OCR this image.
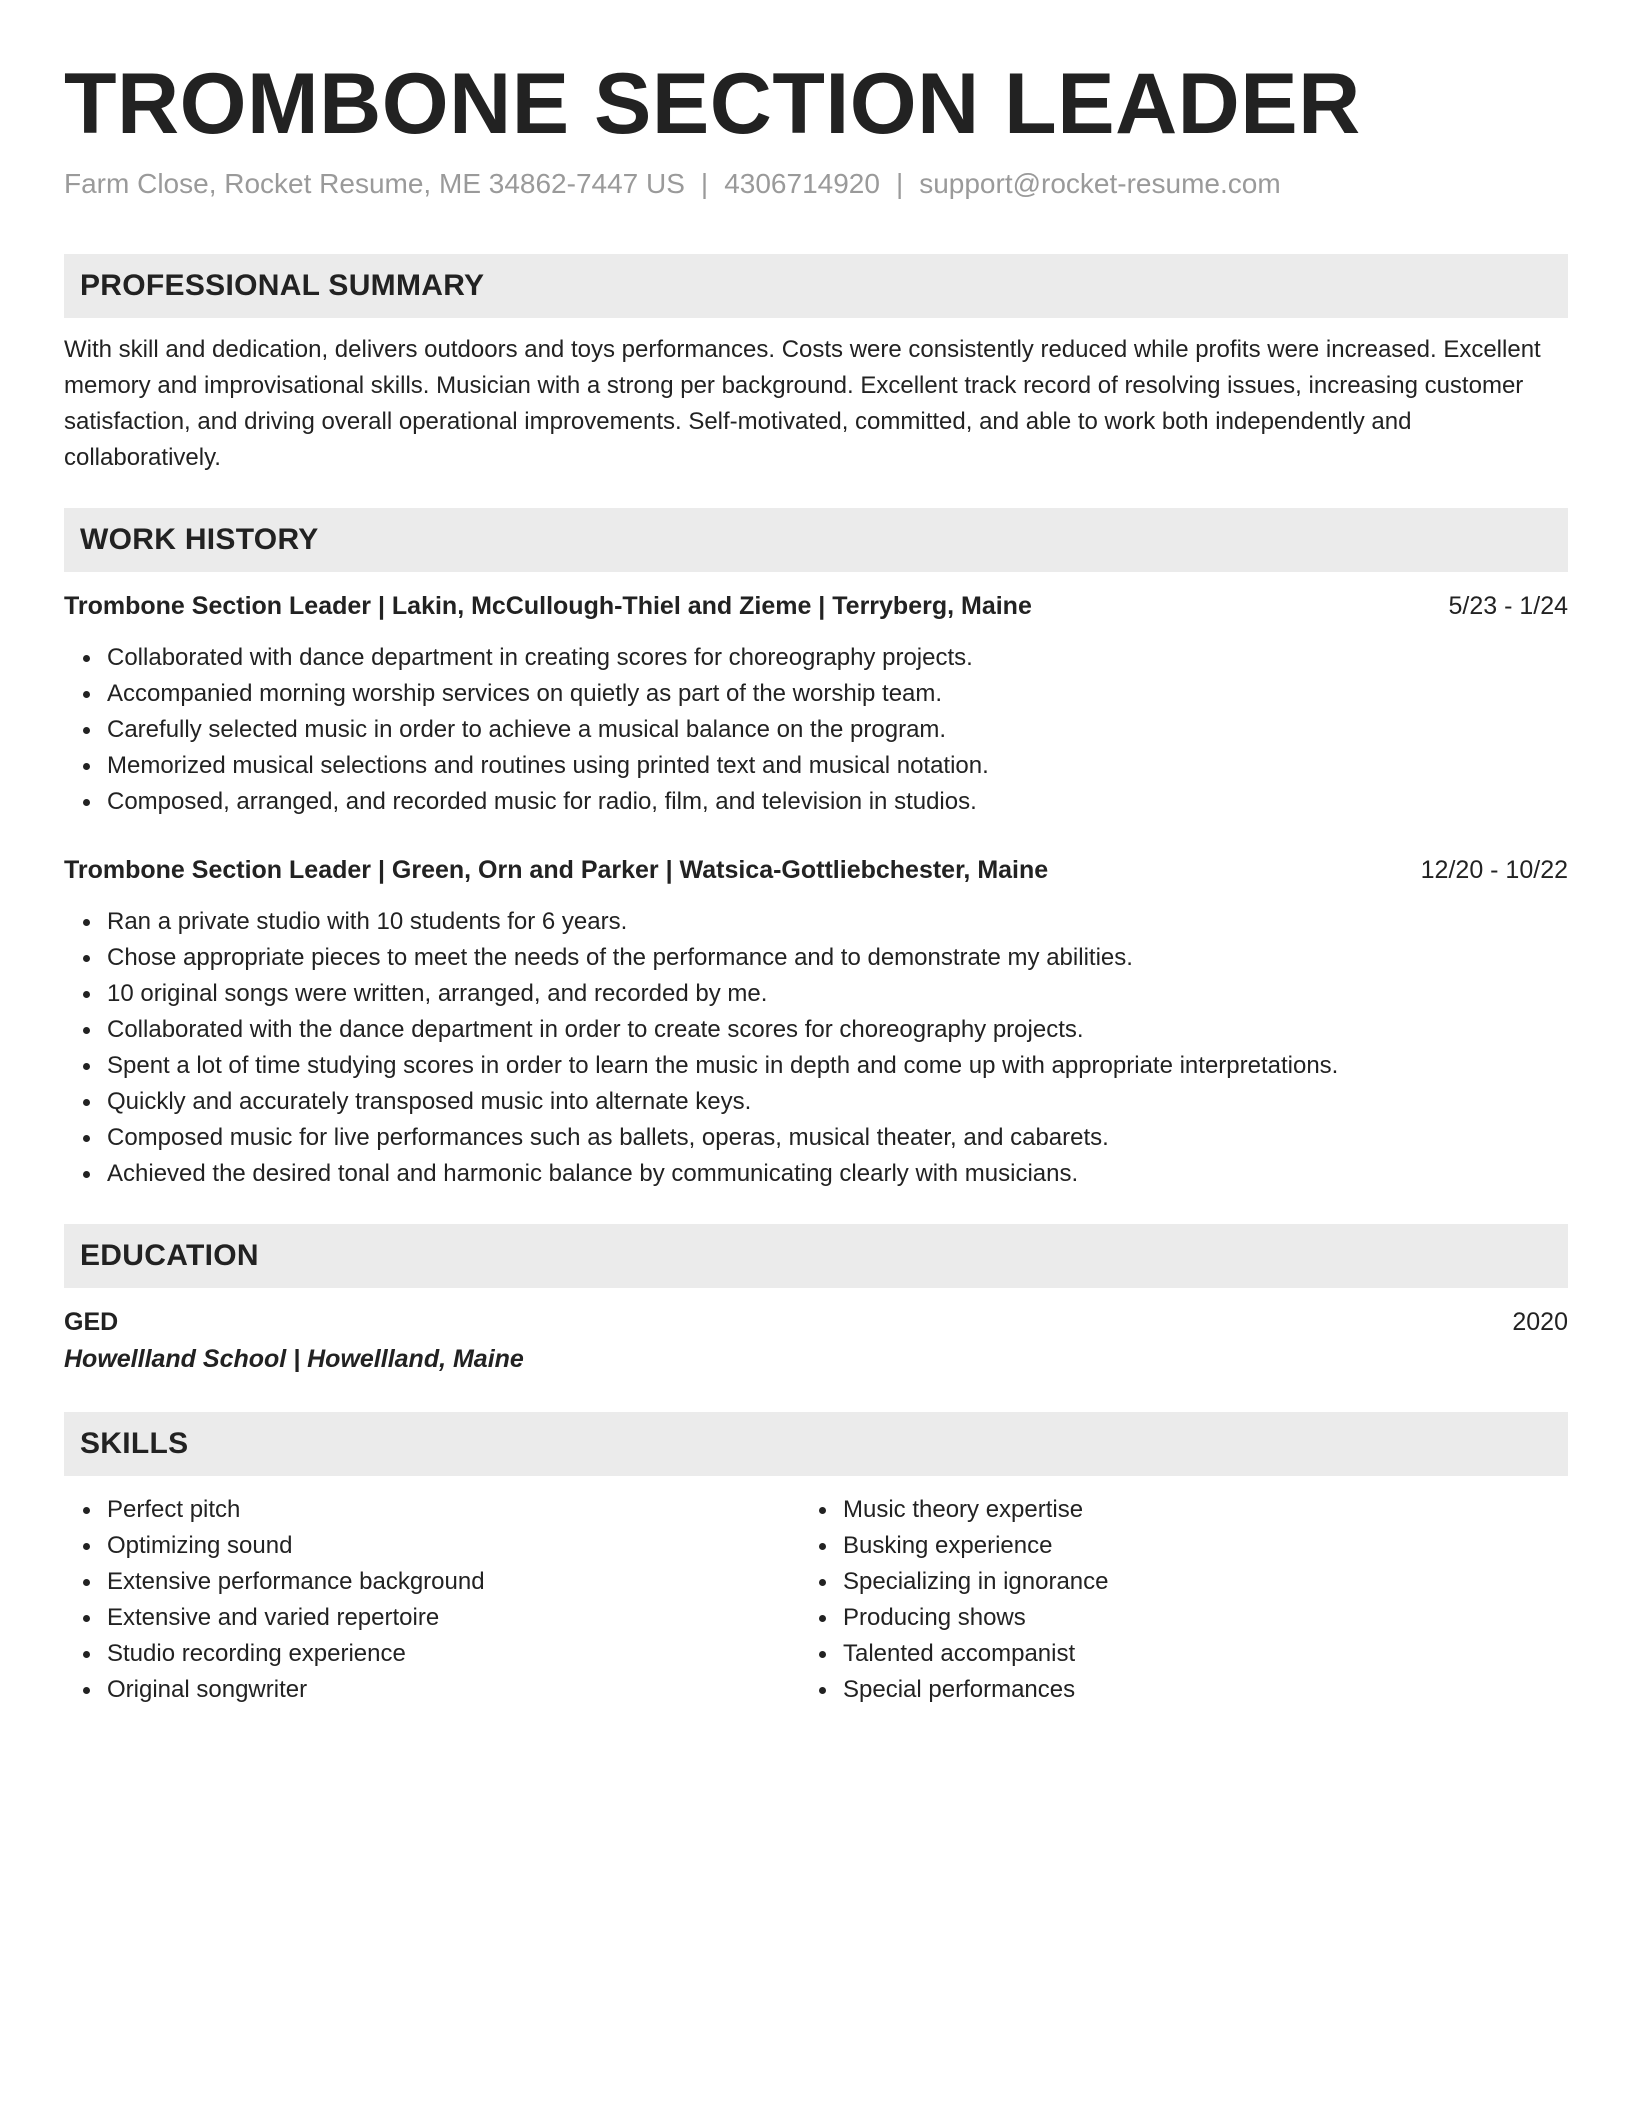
TROMBONE SECTION LEADER
Farm Close, Rocket Resume, ME 34862-7447 US | 4306714920 | support@rocket-resume.com
PROFESSIONAL SUMMARY
With skill and dedication, delivers outdoors and toys performances. Costs were consistently reduced while profits were increased. Excellent memory and improvisational skills. Musician with a strong per background. Excellent track record of resolving issues, increasing customer satisfaction, and driving overall operational improvements. Self-motivated, committed, and able to work both independently and collaboratively.
WORK HISTORY
Trombone Section Leader | Lakin, McCullough-Thiel and Zieme | Terryberg, Maine	5/23 - 1/24
Collaborated with dance department in creating scores for choreography projects.
Accompanied morning worship services on quietly as part of the worship team.
Carefully selected music in order to achieve a musical balance on the program.
Memorized musical selections and routines using printed text and musical notation.
Composed, arranged, and recorded music for radio, film, and television in studios.
Trombone Section Leader | Green, Orn and Parker | Watsica-Gottliebchester, Maine	12/20 - 10/22
Ran a private studio with 10 students for 6 years.
Chose appropriate pieces to meet the needs of the performance and to demonstrate my abilities.
10 original songs were written, arranged, and recorded by me.
Collaborated with the dance department in order to create scores for choreography projects.
Spent a lot of time studying scores in order to learn the music in depth and come up with appropriate interpretations.
Quickly and accurately transposed music into alternate keys.
Composed music for live performances such as ballets, operas, musical theater, and cabarets.
Achieved the desired tonal and harmonic balance by communicating clearly with musicians.
EDUCATION
GED	2020
Howellland School | Howellland, Maine
SKILLS
Perfect pitch
Optimizing sound
Extensive performance background
Extensive and varied repertoire
Studio recording experience
Original songwriter
Music theory expertise
Busking experience
Specializing in ignorance
Producing shows
Talented accompanist
Special performances
